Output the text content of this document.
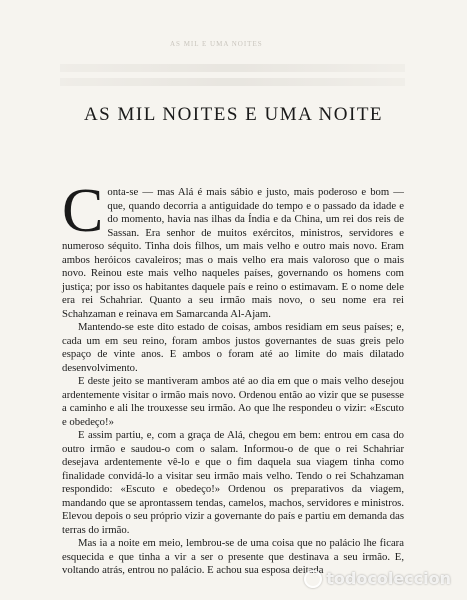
AS MIL E UMA NOITES
AS MIL NOITES E UMA NOITE

Conta-se — mas Alá é mais sábio e justo, mais poderoso e bom — que, quando decorria a antiguidade do tempo e o passado da idade e do momento, havia nas ilhas da Índia e da China, um rei dos reis de Sassan. Era senhor de muitos exércitos, ministros, servidores e numeroso séquito. Tinha dois filhos, um mais velho e outro mais novo. Eram ambos heróicos cavaleiros; mas o mais velho era mais valoroso que o mais novo. Reinou este mais velho naqueles países, governando os homens com justiça; por isso os habitantes daquele país e reino o estimavam. E o nome dele era rei Schahriar. Quanto a seu irmão mais novo, o seu nome era rei Schahzaman e reinava em Samarcanda Al-Ajam.

Mantendo-se este dito estado de coisas, ambos residiam em seus países; e, cada um em seu reino, foram ambos justos governantes de suas greis pelo espaço de vinte anos. E ambos o foram até ao limite do mais dilatado desenvolvimento.

E deste jeito se mantiveram ambos até ao dia em que o mais velho desejou ardentemente visitar o irmão mais novo. Ordenou então ao vizir que se pusesse a caminho e ali lhe trouxesse seu irmão. Ao que lhe respondeu o vizir: «Escuto e obedeço!»

E assim partiu, e, com a graça de Alá, chegou em bem: entrou em casa do outro irmão e saudou-o com o salam. Informou-o de que o rei Schahriar desejava ardentemente vê-lo e que o fim daquela sua viagem tinha como finalidade convidá-lo a visitar seu irmão mais velho. Tendo o rei Schahzaman respondido: «Escuto e obedeço!» Ordenou os preparativos da viagem, mandando que se aprontassem tendas, camelos, machos, servidores e ministros. Elevou depois o seu próprio vizir a governante do país e partiu em demanda das terras do irmão.

Mas ia a noite em meio, lembrou-se de uma coisa que no palácio lhe ficara esquecida e que tinha a vir a ser o presente que destinava a seu irmão. E, voltando atrás, entrou no palácio. E achou sua esposa deitada todocoleccion
